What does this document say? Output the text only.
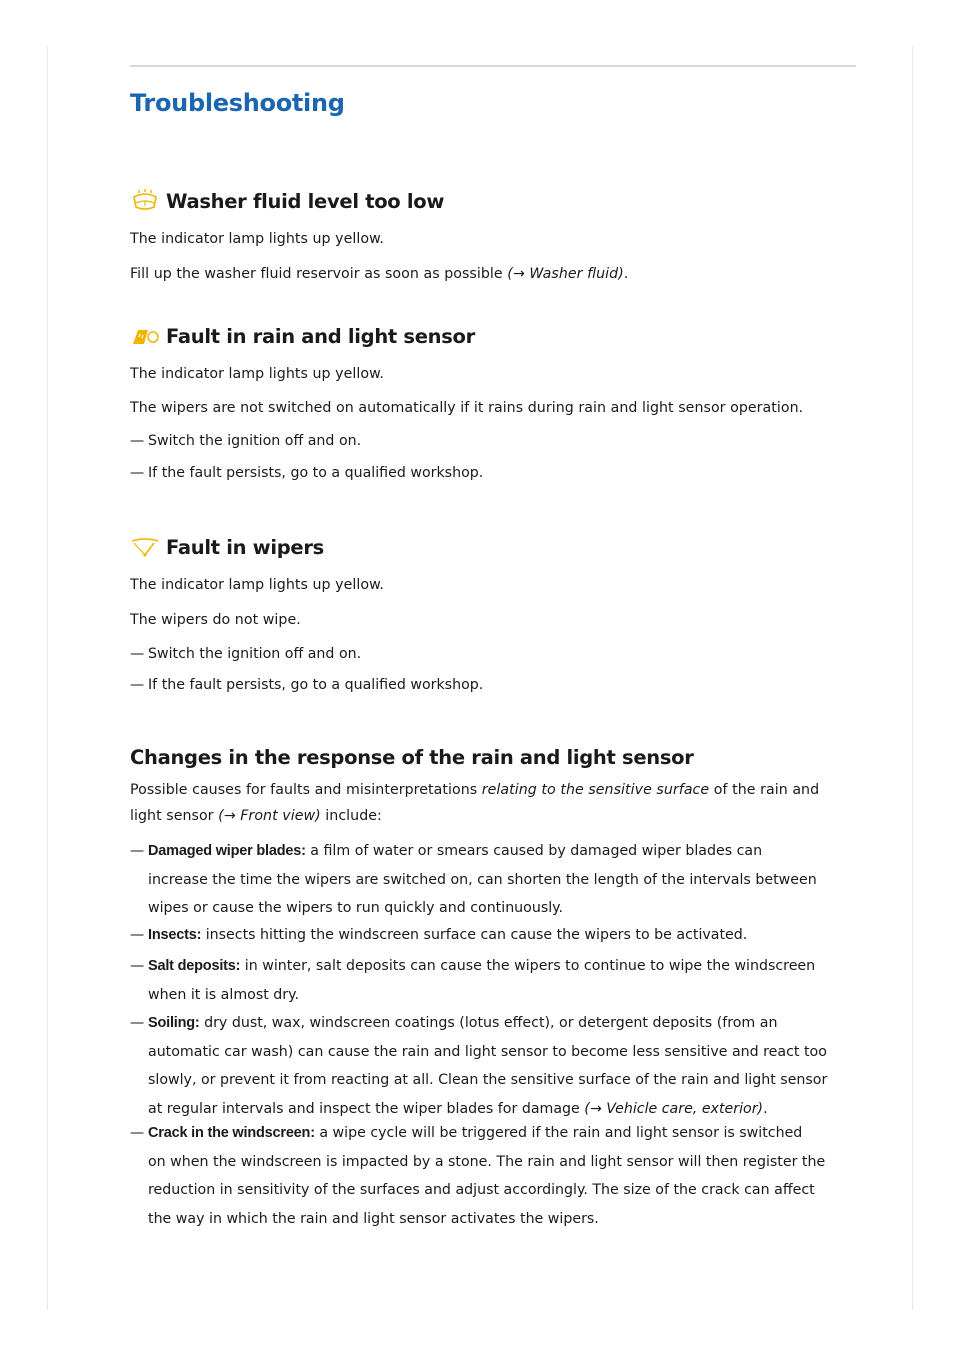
Troubleshooting
Washer fluid level too low

The indicator lamp lights up yellow.

Fill up the washer fluid reservoir as soon as possible (→ Washer fluid).

Fault in rain and light sensor

The indicator lamp lights up yellow.

The wipers are not switched on automatically if it rains during rain and light sensor operation.

— Switch the ignition off and on.

— If the fault persists, go to a qualified workshop.

Fault in wipers

The indicator lamp lights up yellow.

The wipers do not wipe.

— Switch the ignition off and on.

— If the fault persists, go to a qualified workshop.

Changes in the response of the rain and light sensor

Possible causes for faults and misinterpretations relating to the sensitive surface of the rain and

light sensor (→ Front view) include:

— Damaged wiper blades: a film of water or smears caused by damaged wiper blades can
increase the time the wipers are switched on, can shorten the length of the intervals between
wipes or cause the wipers to run quickly and continuously.
— Insects: insects hitting the windscreen surface can cause the wipers to be activated.
— Salt deposits: in winter, salt deposits can cause the wipers to continue to wipe the windscreen
when it is almost dry.
— Soiling: dry dust, wax, windscreen coatings (lotus effect), or detergent deposits (from an
automatic car wash) can cause the rain and light sensor to become less sensitive and react too
slowly, or prevent it from reacting at all. Clean the sensitive surface of the rain and light sensor
at regular intervals and inspect the wiper blades for damage (→ Vehicle care, exterior).
— Crack in the windscreen: a wipe cycle will be triggered if the rain and light sensor is switched
on when the windscreen is impacted by a stone. The rain and light sensor will then register the
reduction in sensitivity of the surfaces and adjust accordingly. The size of the crack can affect
the way in which the rain and light sensor activates the wipers.
